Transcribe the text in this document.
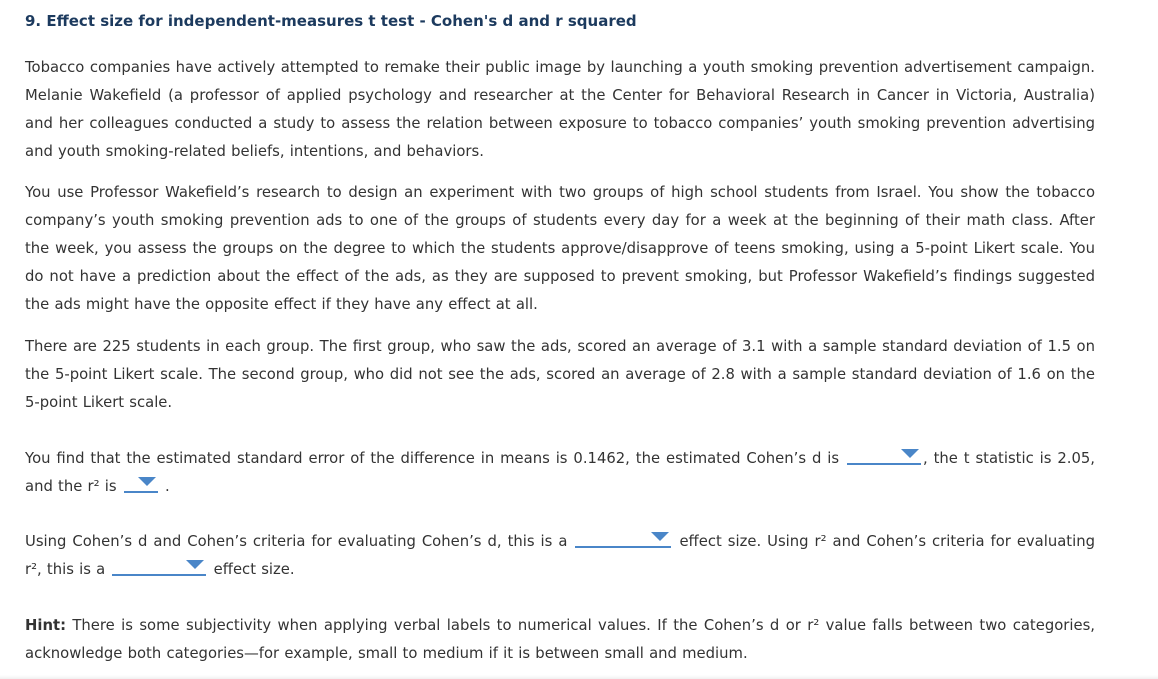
9. Effect size for independent-measures t test - Cohen's d and r squared

Tobacco companies have actively attempted to remake their public image by launching a youth smoking prevention advertisement campaign. Melanie Wakefield (a professor of applied psychology and researcher at the Center for Behavioral Research in Cancer in Victoria, Australia) and her colleagues conducted a study to assess the relation between exposure to tobacco companies’ youth smoking prevention advertising and youth smoking-related beliefs, intentions, and behaviors.

You use Professor Wakefield’s research to design an experiment with two groups of high school students from Israel. You show the tobacco company’s youth smoking prevention ads to one of the groups of students every day for a week at the beginning of their math class. After the week, you assess the groups on the degree to which the students approve/disapprove of teens smoking, using a 5-point Likert scale. You do not have a prediction about the effect of the ads, as they are supposed to prevent smoking, but Professor Wakefield’s findings suggested the ads might have the opposite effect if they have any effect at all.

There are 225 students in each group. The first group, who saw the ads, scored an average of 3.1 with a sample standard deviation of 1.5 on the 5-point Likert scale. The second group, who did not see the ads, scored an average of 2.8 with a sample standard deviation of 1.6 on the 5-point Likert scale.

You find that the estimated standard error of the difference in means is 0.1462, the estimated Cohen’s d is	, the t statistic is 2.05, and the r² is	.

Using Cohen’s d and Cohen’s criteria for evaluating Cohen’s d, this is a	effect size. Using r² and Cohen’s criteria for evaluating r², this is a	effect size.

Hint: There is some subjectivity when applying verbal labels to numerical values. If the Cohen’s d or r² value falls between two categories, acknowledge both categories—for example, small to medium if it is between small and medium.
